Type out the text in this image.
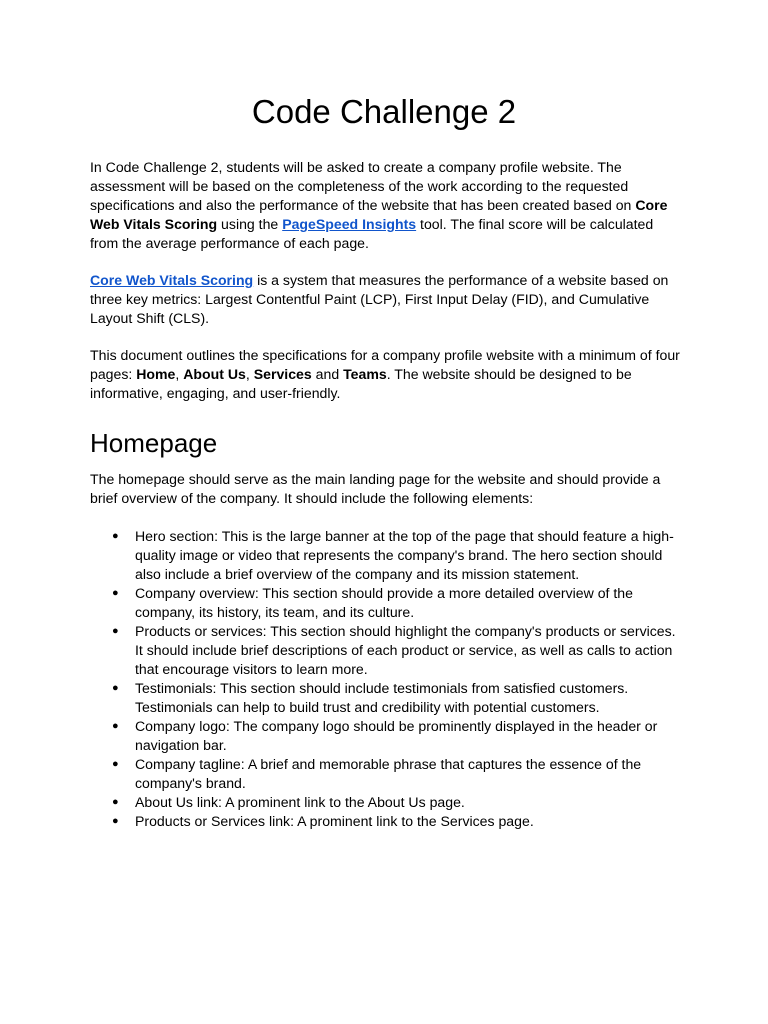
Code Challenge 2

In Code Challenge 2, students will be asked to create a company profile website. The assessment will be based on the completeness of the work according to the requested specifications and also the performance of the website that has been created based on Core Web Vitals Scoring using the PageSpeed Insights tool. The final score will be calculated from the average performance of each page.

Core Web Vitals Scoring is a system that measures the performance of a website based on three key metrics: Largest Contentful Paint (LCP), First Input Delay (FID), and Cumulative Layout Shift (CLS).

This document outlines the specifications for a company profile website with a minimum of four pages: Home, About Us, Services and Teams. The website should be designed to be informative, engaging, and user-friendly.

Homepage

The homepage should serve as the main landing page for the website and should provide a brief overview of the company. It should include the following elements:

● Hero section: This is the large banner at the top of the page that should feature a high-quality image or video that represents the company's brand. The hero section should also include a brief overview of the company and its mission statement.
● Company overview: This section should provide a more detailed overview of the company, its history, its team, and its culture.
● Products or services: This section should highlight the company's products or services. It should include brief descriptions of each product or service, as well as calls to action that encourage visitors to learn more.
● Testimonials: This section should include testimonials from satisfied customers. Testimonials can help to build trust and credibility with potential customers.
● Company logo: The company logo should be prominently displayed in the header or navigation bar.
● Company tagline: A brief and memorable phrase that captures the essence of the company's brand.
● About Us link: A prominent link to the About Us page.
● Products or Services link: A prominent link to the Services page.
